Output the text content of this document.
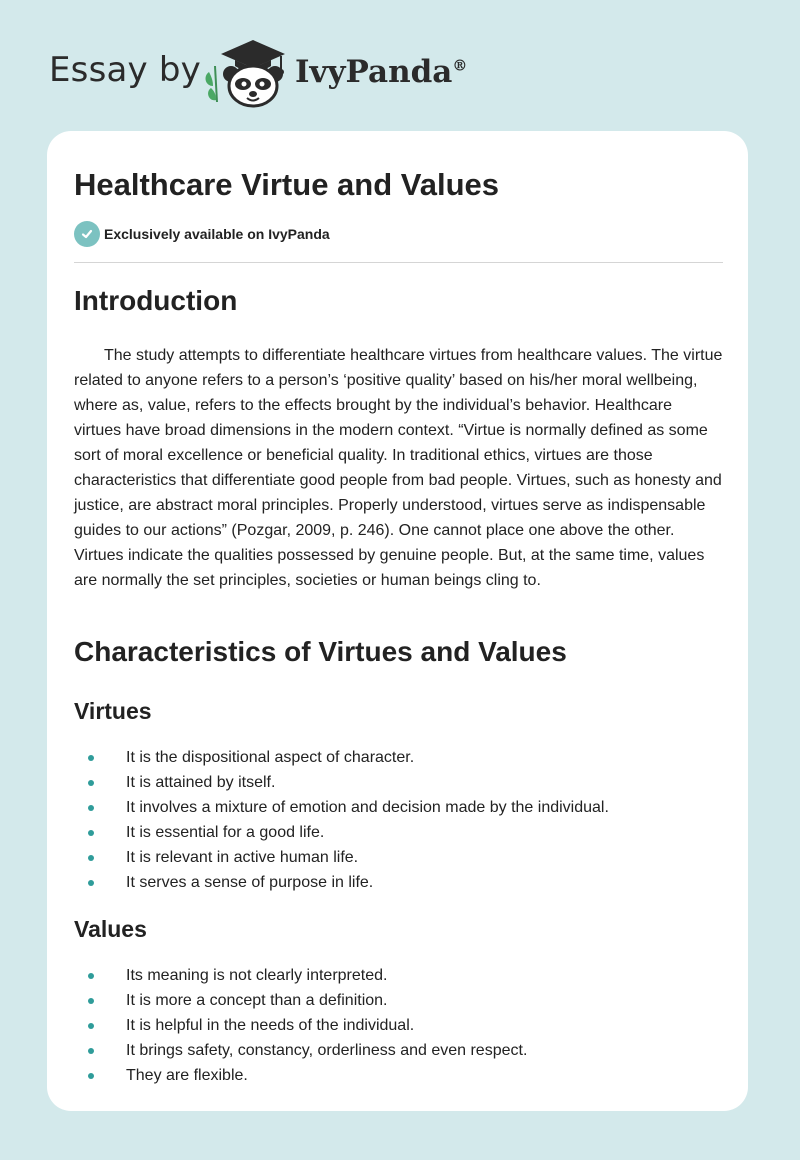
Essay by	IvyPanda®
Healthcare Virtue and Values
Exclusively available on IvyPanda
Introduction

The study attempts to differentiate healthcare virtues from healthcare values. The virtue related to anyone refers to a person’s ‘positive quality’ based on his/her moral wellbeing, where as, value, refers to the effects brought by the individual’s behavior. Healthcare virtues have broad dimensions in the modern context. “Virtue is normally defined as some sort of moral excellence or beneficial quality. In traditional ethics, virtues are those characteristics that differentiate good people from bad people. Virtues, such as honesty and justice, are abstract moral principles. Properly understood, virtues serve as indispensable guides to our actions” (Pozgar, 2009, p. 246). One cannot place one above the other. Virtues indicate the qualities possessed by genuine people. But, at the same time, values are normally the set principles, societies or human beings cling to.

Characteristics of Virtues and Values
Virtues
It is the dispositional aspect of character.
It is attained by itself.
It involves a mixture of emotion and decision made by the individual.
It is essential for a good life.
It is relevant in active human life.
It serves a sense of purpose in life.
Values
Its meaning is not clearly interpreted.
It is more a concept than a definition.
It is helpful in the needs of the individual.
It brings safety, constancy, orderliness and even respect.
They are flexible.
